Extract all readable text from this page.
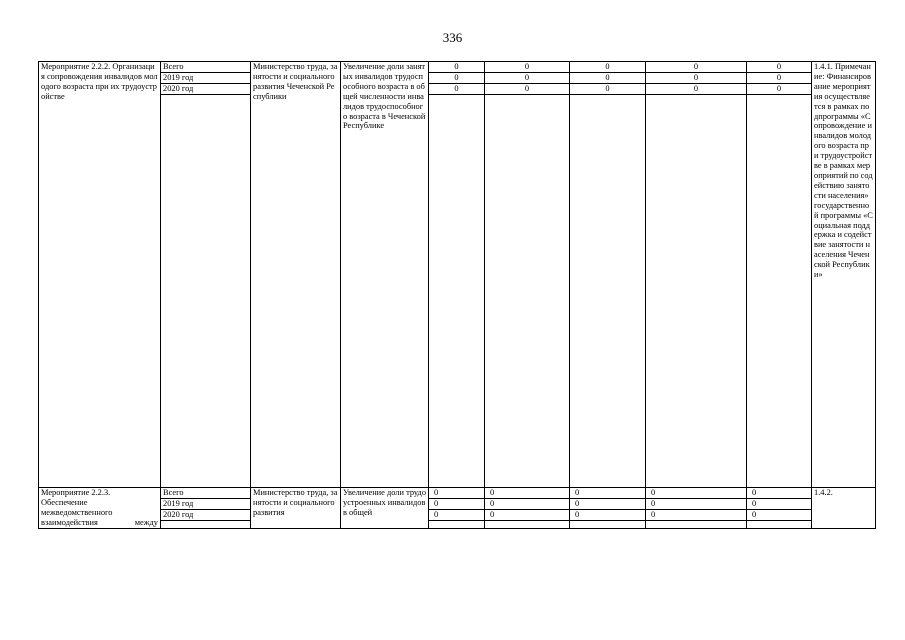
336
Мероприятие 2.2.2. Организация сопровождения инвалидов молодого возраста при их трудоустройстве	Всего	Министерство труда, занятости и социального развития Чеченской Республики	Увеличение доли занятых инвалидов трудоспособного возраста в общей численности инвалидов трудоспособного возраста в Чеченской Республике	0	0	0	0	0	1.4.1. Примечание: Финансирование мероприятия осуществляется в рамках подпрограммы «Сопровождение инвалидов молодого возраста при трудоустройстве в рамках мероприятий по содействию занятости населения» государственной программы «Социальная поддержка и содействие занятости населения Чеченской Республики»
	2019 год			0	0	0	0	0	
	2020 год			0	0	0	0	0	

Мероприятие 2.2.3.
Обеспечение
межведомственного
взаимодействия между	Всего	Министерство труда, занятости и социального развития	Увеличение доли трудоустроенных инвалидов в общей	0	0	0	0	0	1.4.2.
	2019 год			0	0	0	0	0	
	2020 год			0	0	0	0	0	
